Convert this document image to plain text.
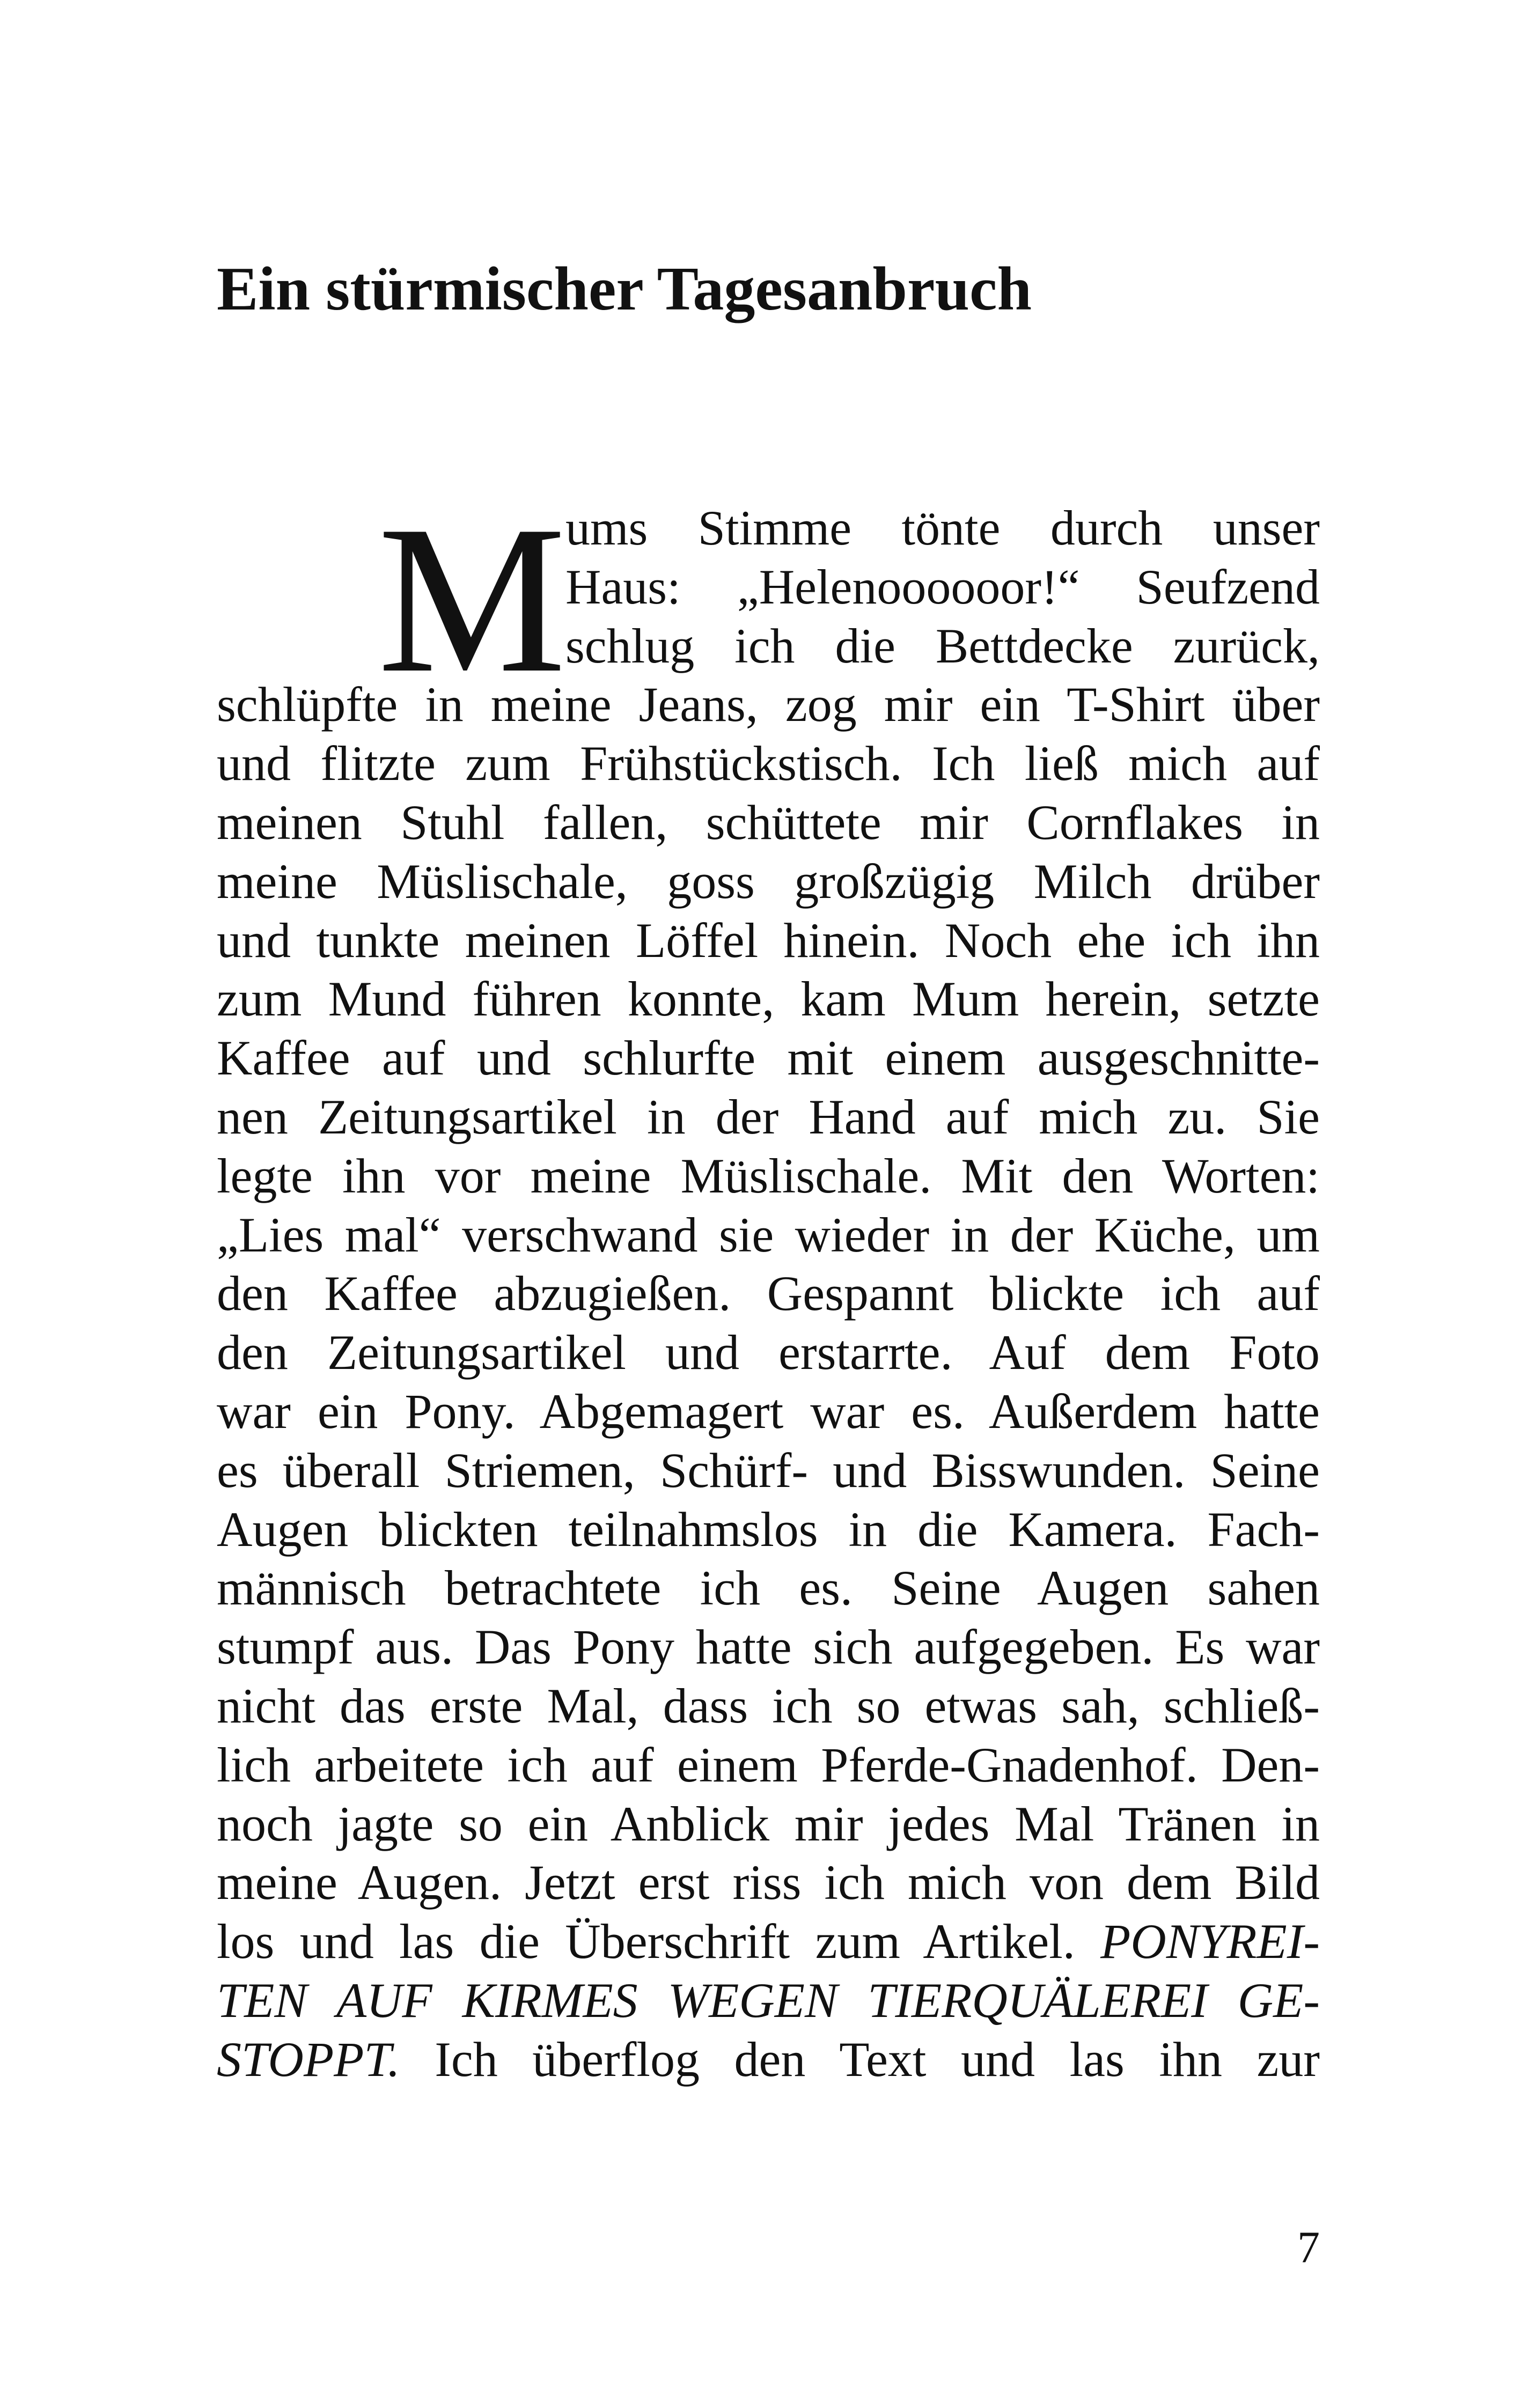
Ein stürmischer Tagesanbruch
M

ums Stimme tönte durch unser
Haus: „Helenoooooor!“ Seufzend
schlug ich die Bettdecke zurück,
schlüpfte in meine Jeans, zog mir ein T-Shirt über
und flitzte zum Frühstückstisch. Ich ließ mich auf
meinen Stuhl fallen, schüttete mir Cornflakes in
meine Müslischale, goss großzügig Milch drüber
und tunkte meinen Löffel hinein. Noch ehe ich ihn
zum Mund führen konnte, kam Mum herein, setzte
Kaffee auf und schlurfte mit einem ausgeschnitte-
nen Zeitungsartikel in der Hand auf mich zu. Sie
legte ihn vor meine Müslischale. Mit den Worten:
„Lies mal“ verschwand sie wieder in der Küche, um
den Kaffee abzugießen. Gespannt blickte ich auf
den Zeitungsartikel und erstarrte. Auf dem Foto
war ein Pony. Abgemagert war es. Außerdem hatte
es überall Striemen, Schürf- und Bisswunden. Seine
Augen blickten teilnahmslos in die Kamera. Fach-
männisch betrachtete ich es. Seine Augen sahen
stumpf aus. Das Pony hatte sich aufgegeben. Es war
nicht das erste Mal, dass ich so etwas sah, schließ-
lich arbeitete ich auf einem Pferde-Gnadenhof. Den-
noch jagte so ein Anblick mir jedes Mal Tränen in
meine Augen. Jetzt erst riss ich mich von dem Bild
los und las die Überschrift zum Artikel. PONYREI-
TEN AUF KIRMES WEGEN TIERQUÄLEREI GE-
STOPPT. Ich überflog den Text und las ihn zur

7
